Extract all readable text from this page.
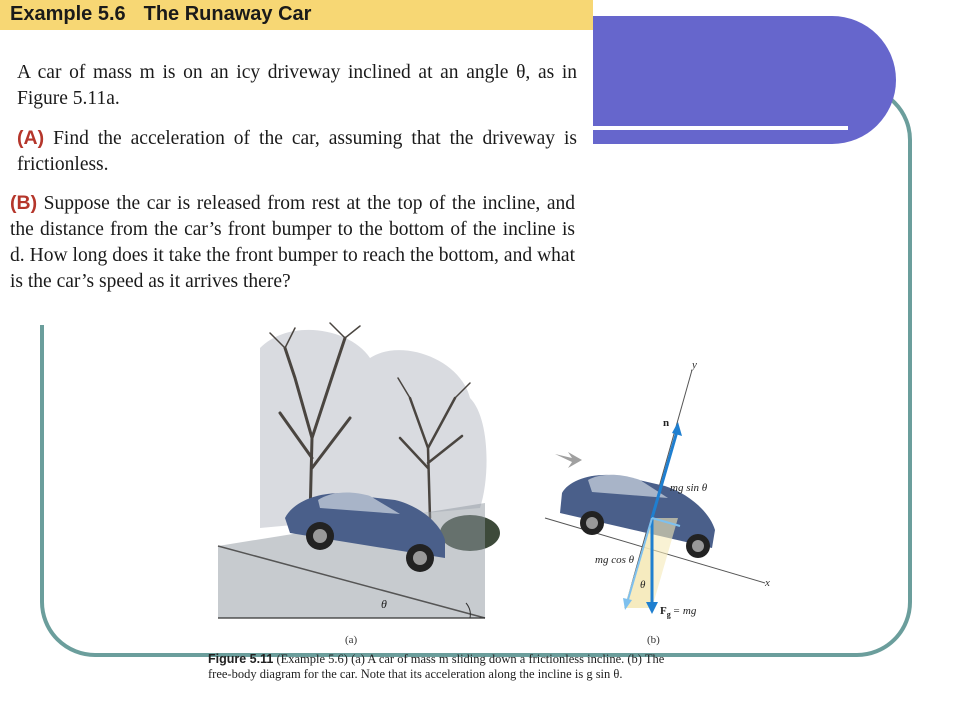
Example 5.6 The Runaway Car
A car of mass m is on an icy driveway inclined at an angle θ, as in Figure 5.11a.
(A) Find the acceleration of the car, assuming that the driveway is frictionless.
(B) Suppose the car is released from rest at the top of the incline, and the distance from the car’s front bumper to the bottom of the incline is d. How long does it take the front bumper to reach the bottom, and what is the car’s speed as it arrives there?
θ
(a)
y
x
n
mg sin θ
mg cos θ
θ
$F_g$ = mg
(b)
Figure 5.11 (Example 5.6) (a) A car of mass m sliding down a frictionless incline. (b) The free-body diagram for the car. Note that its acceleration along the incline is g sin θ.
